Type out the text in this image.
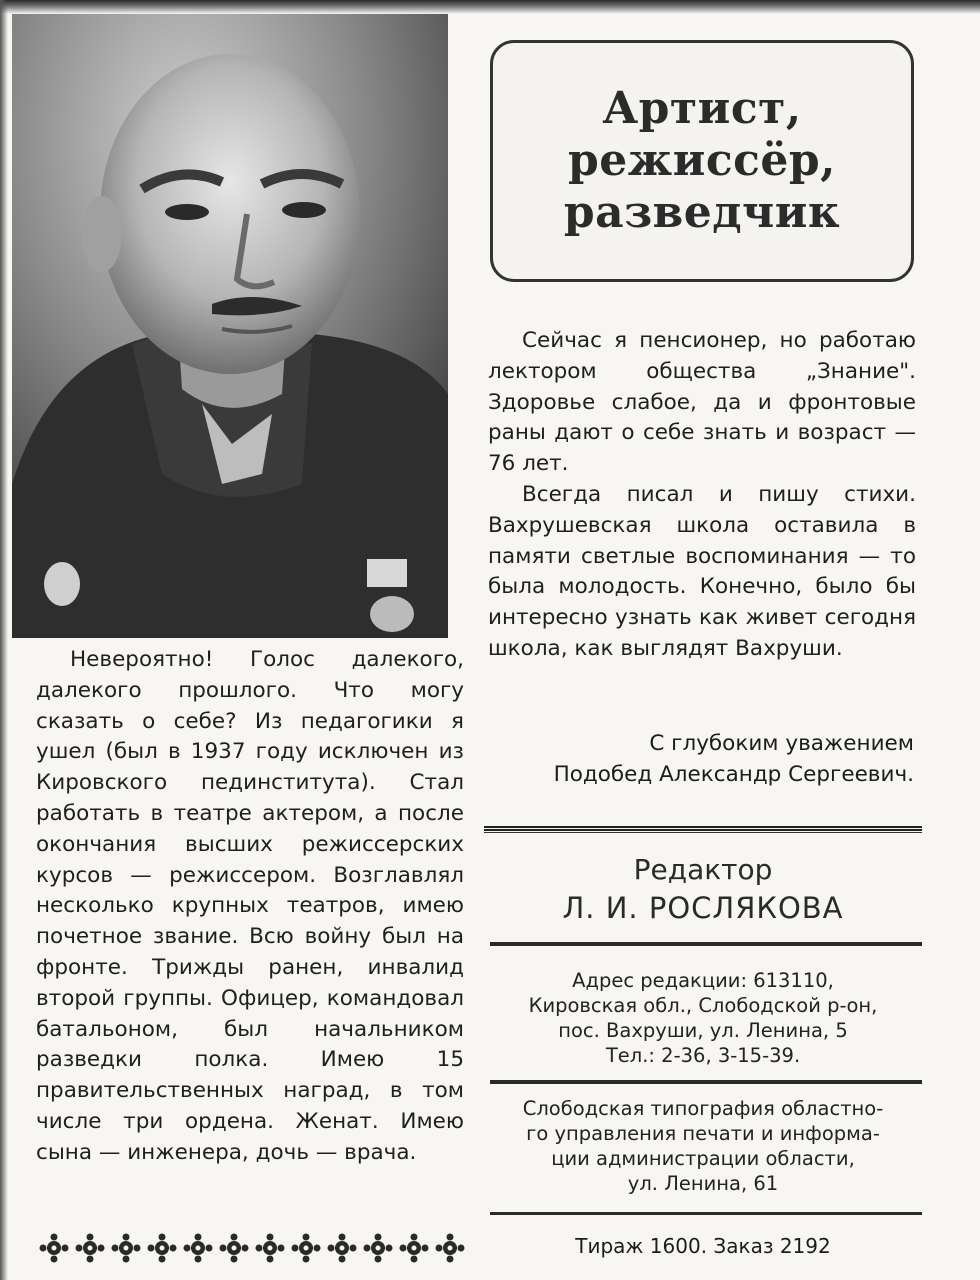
Артист,
режиссёр,
разведчик

Сейчас я пенсионер, но работаю лектором общества „Знание". Здоровье слабое, да и фронтовые раны дают о себе знать и возраст — 76 лет.

Всегда писал и пишу стихи. Вахрушевская школа оставила в памяти светлые воспоминания — то была молодость. Конечно, было бы интересно узнать как живет сегодня школа, как выглядят Вахруши.

С глубоким уважением
Подобед Александр Сергеевич.

Невероятно! Голос далекого, далекого прошлого. Что могу сказать о себе? Из педагогики я ушел (был в 1937 году исключен из Кировского пединститута). Стал работать в театре актером, а после окончания высших режиссерских курсов — режиссером. Возглавлял несколько крупных театров, имею почетное звание. Всю войну был на фронте. Трижды ранен, инвалид второй группы. Офицер, командовал батальоном, был начальником разведки полка. Имею 15 правительственных наград, в том числе три ордена. Женат. Имею сына — инженера, дочь — врача.

Редактор
Л. И. РОСЛЯКОВА
Адрес редакции: 613110,
Кировская обл., Слободской р-он,
пос. Вахруши, ул. Ленина, 5
Тел.: 2-36, 3-15-39.
Слободская типография областно-
го управления печати и информа-
ции администрации области,
ул. Ленина, 61
Тираж 1600. Заказ 2192
